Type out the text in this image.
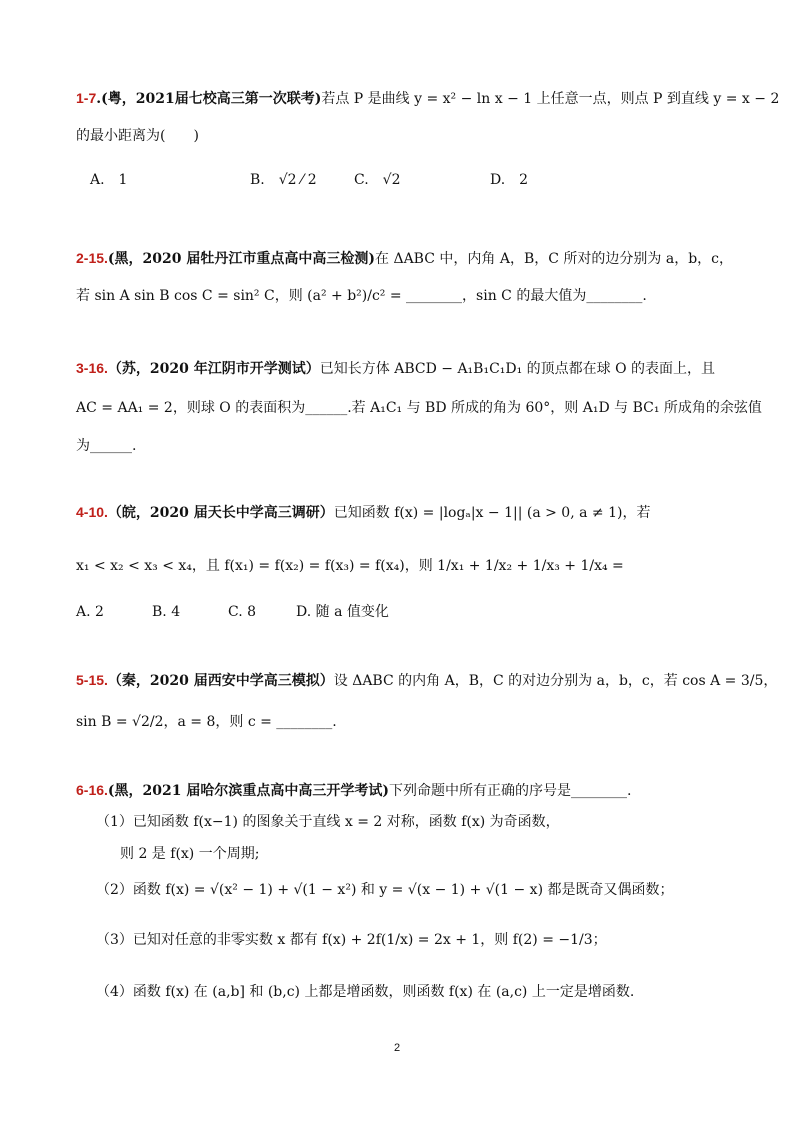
1-7.(粤，2021届七校高三第一次联考)若点 P 是曲线 y = x² − ln x − 1 上任意一点，则点 P 到直线 y = x − 2
的最小距离为(　　)
A.　1	B.　√2 ⁄ 2	C.　√2	D.　2
2-15.(黑，2020 届牡丹江市重点高中高三检测)在 ΔABC 中，内角 A，B，C 所对的边分别为 a，b，c，
若 sin A sin B cos C = sin² C，则 (a² + b²)/c² = ________，sin C 的最大值为________.
3-16.（苏，2020 年江阴市开学测试）已知长方体 ABCD − A₁B₁C₁D₁ 的顶点都在球 O 的表面上，且
AC = AA₁ = 2，则球 O 的表面积为______.若 A₁C₁ 与 BD 所成的角为 60°，则 A₁D 与 BC₁ 所成角的余弦值
为______.
4-10.（皖，2020 届天长中学高三调研）已知函数 f(x) = |logₐ|x − 1|| (a > 0, a ≠ 1)，若
x₁ < x₂ < x₃ < x₄，且 f(x₁) = f(x₂) = f(x₃) = f(x₄)，则 1/x₁ + 1/x₂ + 1/x₃ + 1/x₄ =
A. 2	B. 4	C. 8	D. 随 a 值变化
5-15.（秦，2020 届西安中学高三模拟）设 ΔABC 的内角 A，B，C 的对边分别为 a，b，c，若 cos A = 3/5，
sin B = √2/2，a = 8，则 c = ________.
6-16.(黑，2021 届哈尔滨重点高中高三开学考试)下列命题中所有正确的序号是________.
（1）已知函数 f(x−1) 的图象关于直线 x = 2 对称，函数 f(x) 为奇函数，
则 2 是 f(x) 一个周期;
（2）函数 f(x) = √(x² − 1) + √(1 − x²) 和 y = √(x − 1) + √(1 − x) 都是既奇又偶函数；
（3）已知对任意的非零实数 x 都有 f(x) + 2f(1/x) = 2x + 1，则 f(2) = −1/3；
（4）函数 f(x) 在 (a,b] 和 (b,c) 上都是增函数，则函数 f(x) 在 (a,c) 上一定是增函数.
2
